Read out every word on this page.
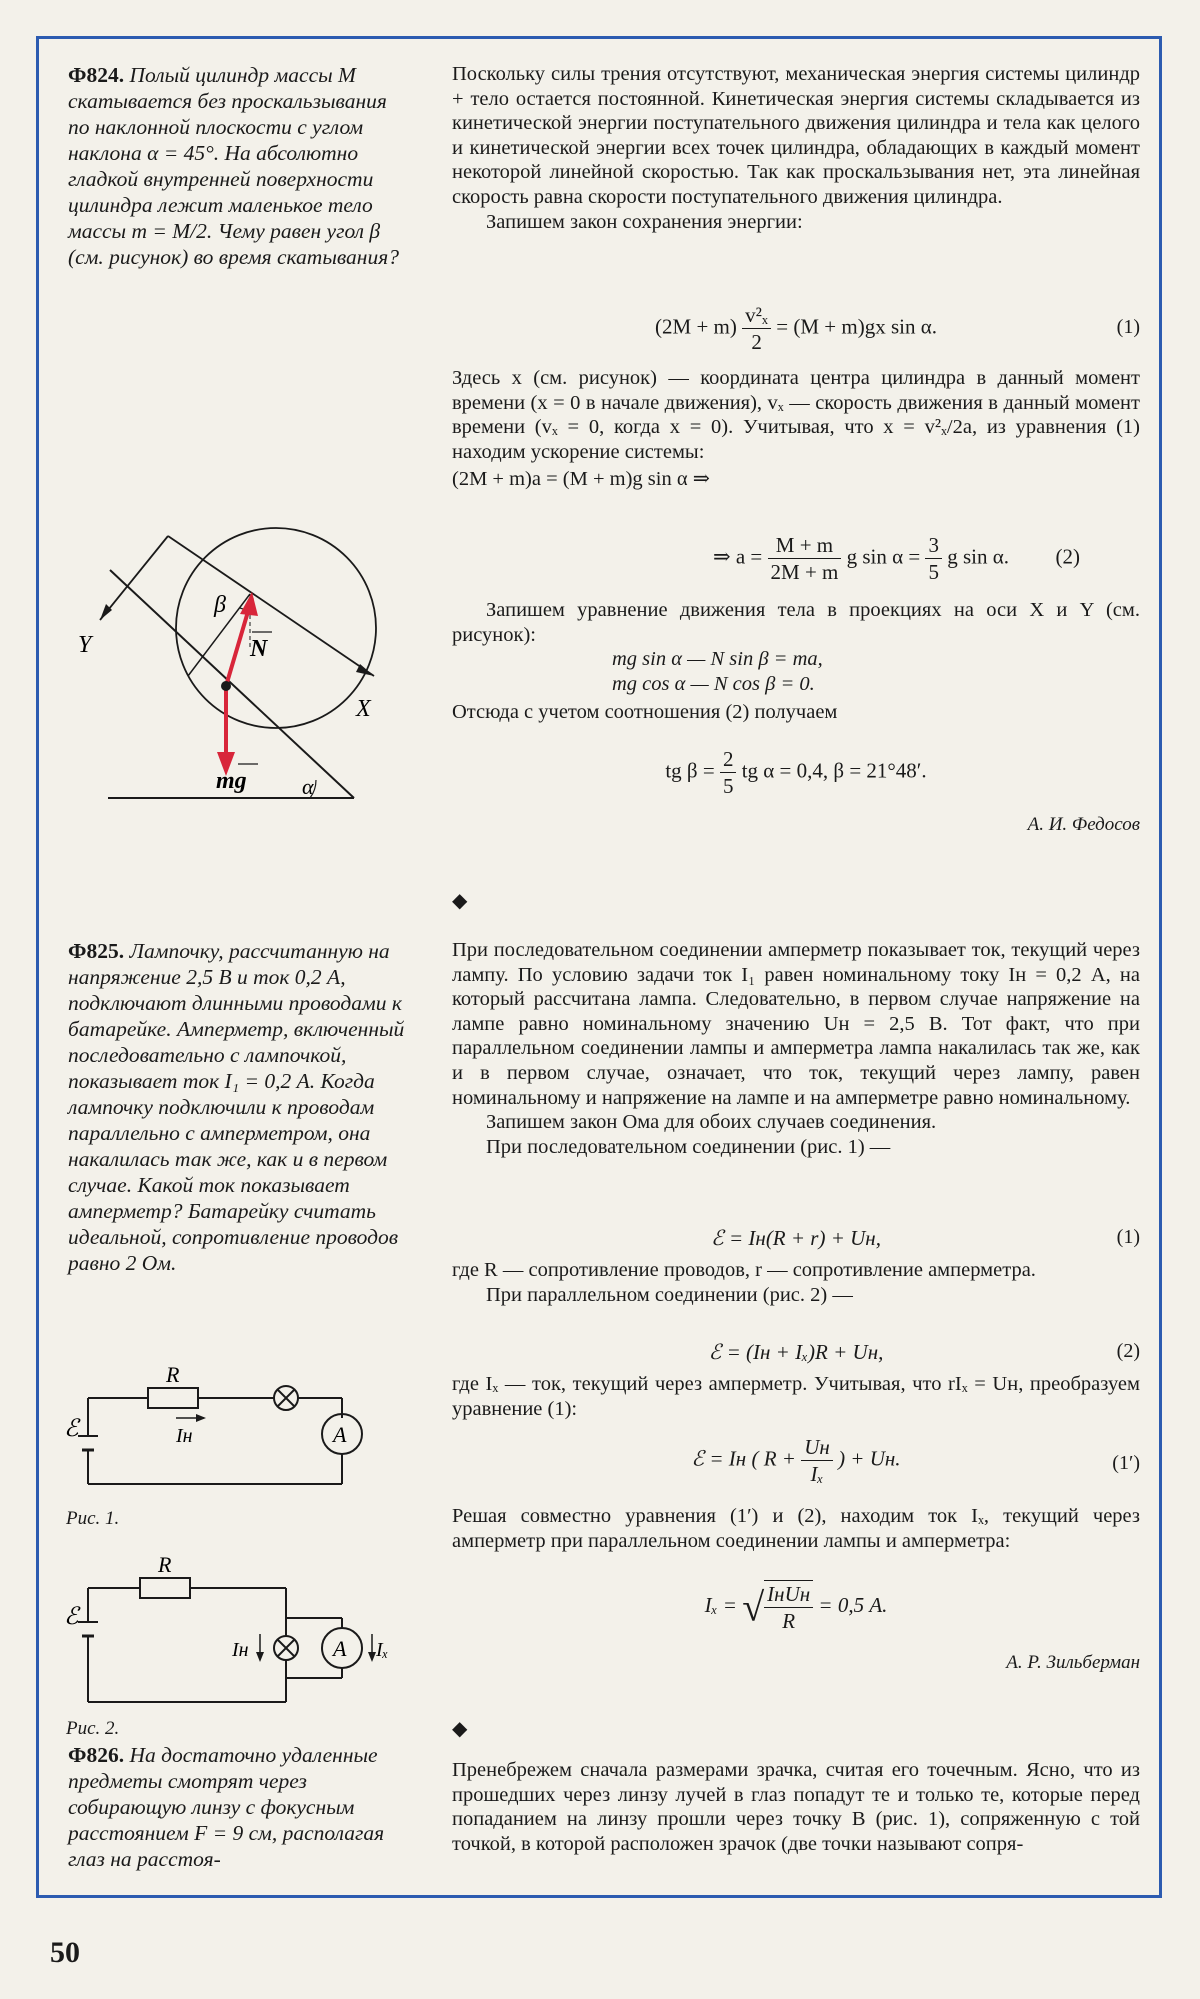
Ф824. Полый цилиндр массы M скатывается без проскальзывания по наклонной плоскости с углом наклона α = 45°. На абсолютно гладкой внутренней поверхности цилиндра лежит маленькое тело массы m = M/2. Чему равен угол β (см. рисунок) во время скатывания?

Поскольку силы трения отсутствуют, механическая энергия системы цилиндр + тело остается постоянной. Кинетическая энергия системы складывается из кинетической энергии поступательного движения цилиндра и тела как целого и кинетической энергии всех точек цилиндра, обладающих в каждый момент некоторой линейной скоростью. Так как проскальзывания нет, эта линейная скорость равна скорости поступательного движения цилиндра.

Запишем закон сохранения энергии:

$(2M + m) \frac{\text{v²ₓ}}{2} = (M + m)gx$ sin α.	(1)

Здесь x (см. рисунок) — координата центра цилиндра в данный момент времени (x = 0 в начале движения), vₓ — скорость движения в данный момент времени (vₓ = 0, когда x = 0). Учитывая, что x = v²ₓ/2a, из уравнения (1) находим ускорение системы:

(2M + m)a = (M + m)g sin α ⇒

⇒ $a = \frac{M + m}{2M + m}$ g $\sin \alpha = \frac{3}{5}$ g sin α. (2)

Запишем уравнение движения тела в проекциях на оси X и Y (см. рисунок):

mg sin α — N sin β = ma,

mg cos α — N cos β = 0.

Отсюда с учетом соотношения (2) получаем

tg $\beta = \frac{2}{5}$ tg α = 0,4, β = 21°48′.
А. И. Федосов
◆
β
N
Y
X
mg	α
Ф825. Лампочку, рассчитанную на напряжение 2,5 В и ток 0,2 А, подключают длинными проводами к батарейке. Амперметр, включенный последовательно с лампочкой, показывает ток I₁ = 0,2 А. Когда лампочку подключили к проводам параллельно с амперметром, она накалилась так же, как и в первом случае. Какой ток показывает амперметр? Батарейку считать идеальной, сопротивление проводов равно 2 Ом.

При последовательном соединении амперметр показывает ток, текущий через лампу. По условию задачи ток I₁ равен номинальному току Iн = 0,2 А, на который рассчитана лампа. Следовательно, в первом случае напряжение на лампе равно номинальному значению Uн = 2,5 В. Тот факт, что при параллельном соединении лампы и амперметра лампа накалилась так же, как и в первом случае, означает, что ток, текущий через лампу, равен номинальному и напряжение на лампе и на амперметре равно номинальному.

Запишем закон Ома для обоих случаев соединения.

При последовательном соединении (рис. 1) —

ℰ = Iн(R + r) + Uн,	(1)

где R — сопротивление проводов, r — сопротивление амперметра.

При параллельном соединении (рис. 2) —

ℰ = (Iн + Iₓ)R + Uн,	(2)

где Iₓ — ток, текущий через амперметр. Учитывая, что rIₓ = Uн, преобразуем уравнение (1):

ℰ = Iн ( $R + \frac{Uн}{\text{Iₓ}}$ ) + Uн.	(1′)

Решая совместно уравнения (1′) и (2), находим ток Iₓ, текущий через амперметр при параллельном соединении лампы и амперметра:

Iₓ = √ $\frac{\text{IнUн}}{R} = 0,5$ А.
А. Р. Зильберман
◆
R
ℰ	Iн	A
Рис. 1.
R
ℰ
Iн	A Iₓ
Рис. 2.
Ф826. На достаточно удаленные предметы смотрят через собирающую линзу с фокусным расстоянием F = 9 см, располагая глаз на расстоя-

Пренебрежем сначала размерами зрачка, считая его точечным. Ясно, что из прошедших через линзу лучей в глаз попадут те и только те, которые перед попаданием на линзу прошли через точку B (рис. 1), сопряженную с той точкой, в которой расположен зрачок (две точки называют сопря-

50
